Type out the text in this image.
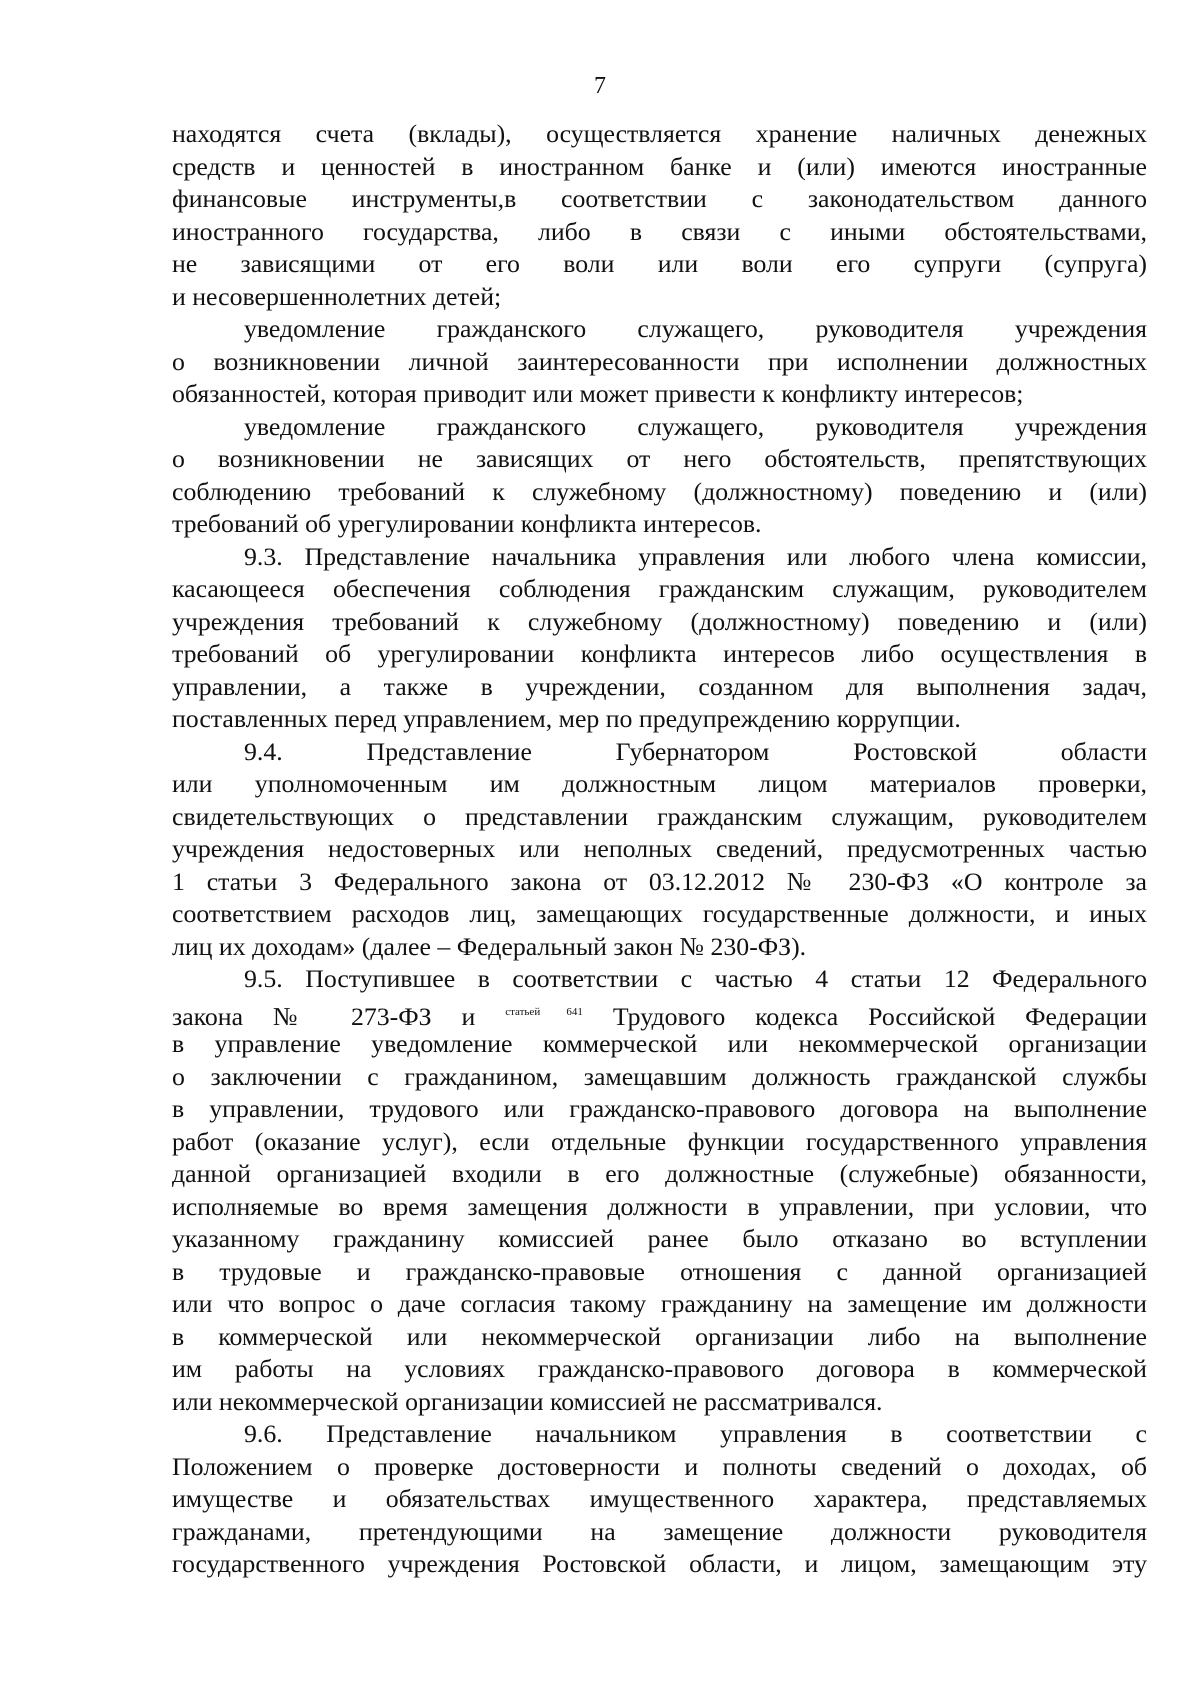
7
находятся счета (вклады), осуществляется хранение наличных денежных
средств и ценностей в иностранном банке и (или) имеются иностранные
финансовые инструменты,в соответствии с законодательством данного
иностранного государства, либо в связи с иными обстоятельствами,
не зависящими от его воли или воли его супруги (супруга)
и несовершеннолетних детей;
уведомление гражданского служащего, руководителя учреждения
о возникновении личной заинтересованности при исполнении должностных
обязанностей, которая приводит или может привести к конфликту интересов;
уведомление гражданского служащего, руководителя учреждения
о возникновении не зависящих от него обстоятельств, препятствующих
соблюдению требований к служебному (должностному) поведению и (или)
требований об урегулировании конфликта интересов.
9.3. Представление начальника управления или любого члена комиссии,
касающееся обеспечения соблюдения гражданским служащим, руководителем
учреждения требований к служебному (должностному) поведению и (или)
требований об урегулировании конфликта интересов либо осуществления в
управлении, а также в учреждении, созданном для выполнения задач,
поставленных перед управлением, мер по предупреждению коррупции.
9.4. Представление Губернатором Ростовской области
или уполномоченным им должностным лицом материалов проверки,
свидетельствующих о представлении гражданским служащим, руководителем
учреждения недостоверных или неполных сведений, предусмотренных частью
1 статьи 3 Федерального закона от 03.12.2012 № 230-ФЗ «О контроле за
соответствием расходов лиц, замещающих государственные должности, и иных
лиц их доходам» (далее – Федеральный закон № 230-ФЗ).
9.5. Поступившее в соответствии с частью 4 статьи 12 Федерального
закона № 273-ФЗ и	$^{статьей 641}$ Трудового кодекса Российской Федерации
в управление уведомление коммерческой или некоммерческой организации
о заключении с гражданином, замещавшим должность гражданской службы
в управлении, трудового или гражданско-правового договора на выполнение
работ (оказание услуг), если отдельные функции государственного управления
данной организацией входили в его должностные (служебные) обязанности,
исполняемые во время замещения должности в управлении, при условии, что
указанному гражданину комиссией ранее было отказано во вступлении
в трудовые и гражданско-правовые отношения с данной организацией
или что вопрос о даче согласия такому гражданину на замещение им должности
в коммерческой или некоммерческой организации либо на выполнение
им работы на условиях гражданско-правового договора в коммерческой
или некоммерческой организации комиссией не рассматривался.
9.6. Представление начальником управления в соответствии с
Положением о проверке достоверности и полноты сведений о доходах, об
имуществе и обязательствах имущественного характера, представляемых
гражданами, претендующими на замещение должности руководителя
государственного учреждения Ростовской области, и лицом, замещающим эту
